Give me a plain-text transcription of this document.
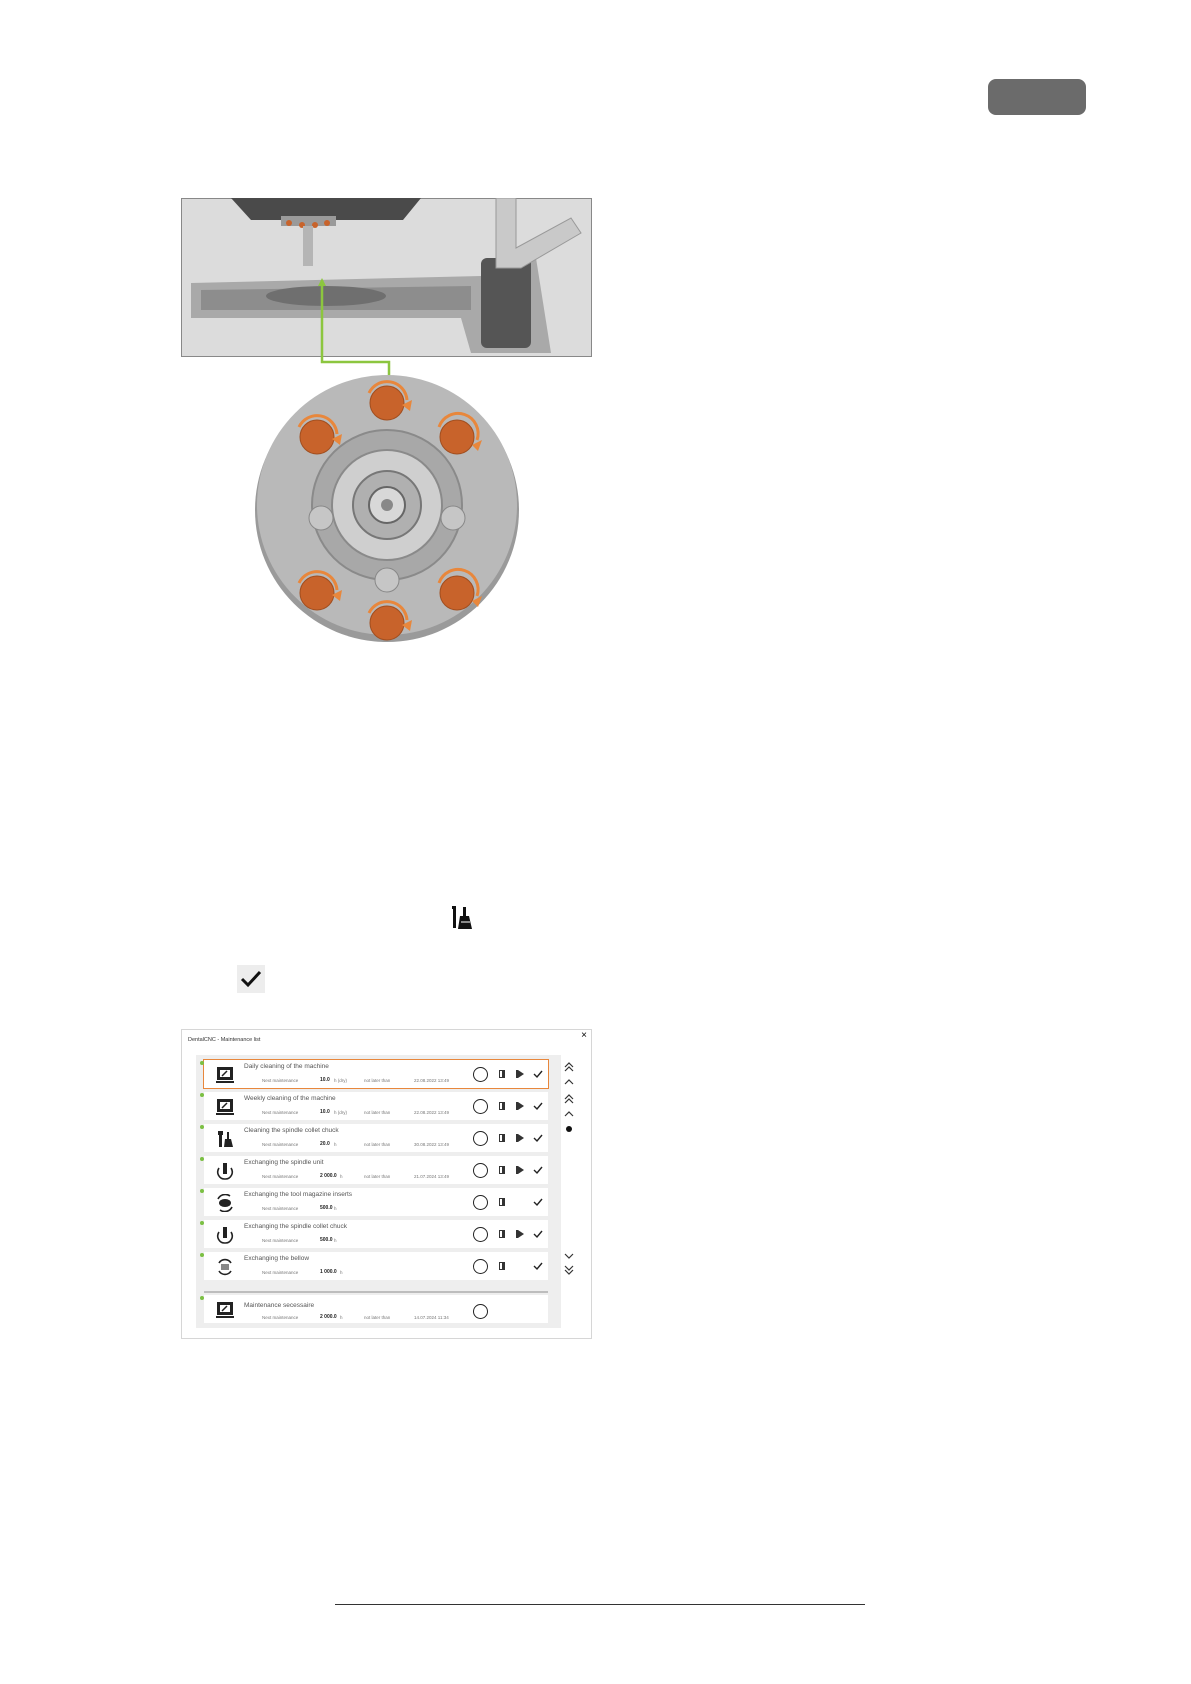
DentalCNC - Maintenance list	×
Daily cleaning of the machine
Next maintenance	10.0 h (dry)	not later than	22.08.2022 13:49
Weekly cleaning of the machine
Next maintenance	10.0 h (dry)	not later than	22.08.2022 13:49
Cleaning the spindle collet chuck
Next maintenance	20.0 h	not later than	30.08.2022 13:49
Exchanging the spindle unit
Next maintenance	2 000.0 h	not later than	21.07.2024 13:49
Exchanging the tool magazine inserts
Next maintenance	500.0 h
Exchanging the spindle collet chuck
Next maintenance	500.0 h
Exchanging the bellow
Next maintenance	1 000.0 h
Maintenance secessaire
Next maintenance	2 000.0 h	not later than	14.07.2024 11:34
